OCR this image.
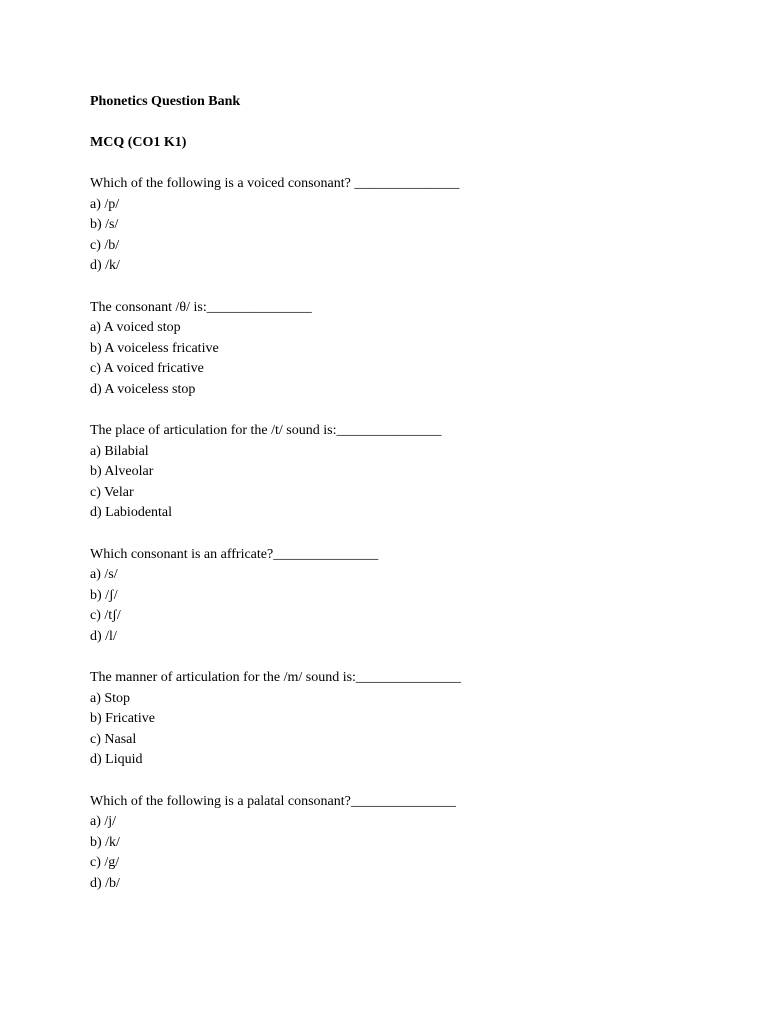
Phonetics Question Bank
MCQ (CO1 K1)
Which of the following is a voiced consonant? _______________
a) /p/
b) /s/
c) /b/
d) /k/
The consonant /θ/ is:_______________
a) A voiced stop
b) A voiceless fricative
c) A voiced fricative
d) A voiceless stop
The place of articulation for the /t/ sound is:_______________
a) Bilabial
b) Alveolar
c) Velar
d) Labiodental
Which consonant is an affricate?_______________
a) /s/
b) /ʃ/
c) /tʃ/
d) /l/
The manner of articulation for the /m/ sound is:_______________
a) Stop
b) Fricative
c) Nasal
d) Liquid
Which of the following is a palatal consonant?_______________
a) /j/
b) /k/
c) /g/
d) /b/
